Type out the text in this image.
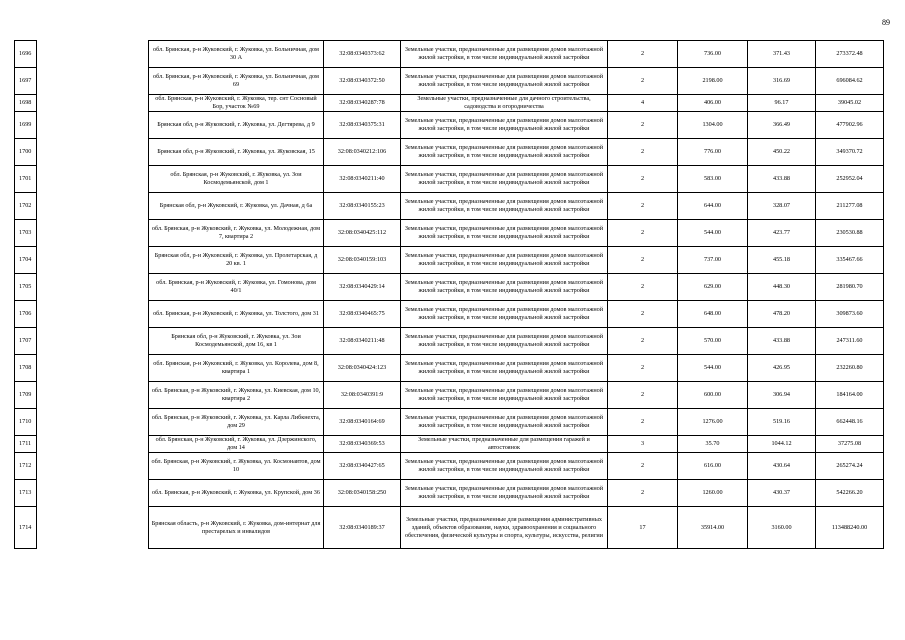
89
1696		обл. Брянская, р-н Жуковский, г. Жуковка, ул. Больничная, дом 30 А	32:08:0340373:62	Земельные участки, предназначенные для размещения домов малоэтажной жилой застройки, в том числе индивидуальной жилой застройки	2	736.00	371.43	273372.48
1697		обл. Брянская, р-н Жуковский, г. Жуковка, ул. Больничная, дом 69	32:08:0340372:50	Земельные участки, предназначенные для размещения домов малоэтажной жилой застройки, в том числе индивидуальной жилой застройки	2	2198.00	316.69	696084.62
1698		обл. Брянская, р-н Жуковский, г. Жуковка, тер. снт Сосновый Бор, участок №69	32:08:0340287:78	Земельные участки, предназначенные для дачного строительства, садоводства и огородничества	4	406.00	96.17	39045.02
1699		Брянская обл, р-н Жуковский, г. Жуковка, ул. Дегтярева, д 9	32:08:0340375:31	Земельные участки, предназначенные для размещения домов малоэтажной жилой застройки, в том числе индивидуальной жилой застройки	2	1304.00	366.49	477902.96
1700		Брянская обл, р-н Жуковский, г. Жуковка, ул. Жуковская, 15	32:08:0340212:106	Земельные участки, предназначенные для размещения домов малоэтажной жилой застройки, в том числе индивидуальной жилой застройки	2	776.00	450.22	349370.72
1701		обл. Брянская, р-н Жуковский, г. Жуковка, ул. Зои Космодемьянской, дом 1	32:08:0340211:40	Земельные участки, предназначенные для размещения домов малоэтажной жилой застройки, в том числе индивидуальной жилой застройки	2	583.00	433.88	252952.04
1702		Брянская обл, р-н Жуковский, г. Жуковка, ул. Дачная, д 6а	32:08:0340155:23	Земельные участки, предназначенные для размещения домов малоэтажной жилой застройки, в том числе индивидуальной жилой застройки	2	644.00	328.07	211277.08
1703		обл. Брянская, р-н Жуковский, г. Жуковка, ул. Молодежная, дом 7, квартира 2	32:08:0340425:112	Земельные участки, предназначенные для размещения домов малоэтажной жилой застройки, в том числе индивидуальной жилой застройки	2	544.00	423.77	230530.88
1704		Брянская обл, р-н Жуковский, г. Жуковка, ул. Пролетарская, д 20 кв. 1	32:08:0340159:103	Земельные участки, предназначенные для размещения домов малоэтажной жилой застройки, в том числе индивидуальной жилой застройки	2	737.00	455.18	335467.66
1705		обл. Брянская, р-н Жуковский, г. Жуковка, ул. Гомонова, дом 40/1	32:08:0340429:14	Земельные участки, предназначенные для размещения домов малоэтажной жилой застройки, в том числе индивидуальной жилой застройки	2	629.00	448.30	281980.70
1706		обл. Брянская, р-н Жуковский, г. Жуковка, ул. Толстого, дом 31	32:08:0340465:75	Земельные участки, предназначенные для размещения домов малоэтажной жилой застройки, в том числе индивидуальной жилой застройки	2	648.00	478.20	309873.60
1707		Брянская обл, р-н Жуковский, г. Жуковка, ул. Зои Космодемьянской, дом 16, кв 1	32:08:0340211:48	Земельные участки, предназначенные для размещения домов малоэтажной жилой застройки, в том числе индивидуальной жилой застройки	2	570.00	433.88	247311.60
1708		обл. Брянская, р-н Жуковский, г. Жуковка, ул. Королева, дом 8, квартира 1	32:08:0340424:123	Земельные участки, предназначенные для размещения домов малоэтажной жилой застройки, в том числе индивидуальной жилой застройки	2	544.00	426.95	232260.80
1709		обл. Брянская, р-н Жуковский, г. Жуковка, ул. Киевская, дом 10, квартира 2	32:08:0340391:9	Земельные участки, предназначенные для размещения домов малоэтажной жилой застройки, в том числе индивидуальной жилой застройки	2	600.00	306.94	184164.00
1710		обл. Брянская, р-н Жуковский, г. Жуковка, ул. Карла Либкнехта, дом 29	32:08:0340164:69	Земельные участки, предназначенные для размещения домов малоэтажной жилой застройки, в том числе индивидуальной жилой застройки	2	1276.00	519.16	662448.16
1711		обл. Брянская, р-н Жуковский, г. Жуковка, ул. Дзержинского, дом 14	32:08:0340369:53	Земельные участки, предназначенные для размещения гаражей и автостоянок	3	35.70	1044.12	37275.08
1712		обл. Брянская, р-н Жуковский, г. Жуковка, ул. Космонавтов, дом 10	32:08:0340427:65	Земельные участки, предназначенные для размещения домов малоэтажной жилой застройки, в том числе индивидуальной жилой застройки	2	616.00	430.64	265274.24
1713		обл. Брянская, р-н Жуковский, г. Жуковка, ул. Крупской, дом 36	32:08:0340158:250	Земельные участки, предназначенные для размещения домов малоэтажной жилой застройки, в том числе индивидуальной жилой застройки	2	1260.00	430.37	542266.20
1714		Брянская область, р-н Жуковский, г. Жуковка, дом-интернат для престарелых и инвалидов	32:08:0340189:37	Земельные участки, предназначенные для размещения административных зданий, объектов образования, науки, здравоохранения и социального обеспечения, физической культуры и спорта, культуры, искусства, религии	17	35914.00	3160.00	113488240.00
